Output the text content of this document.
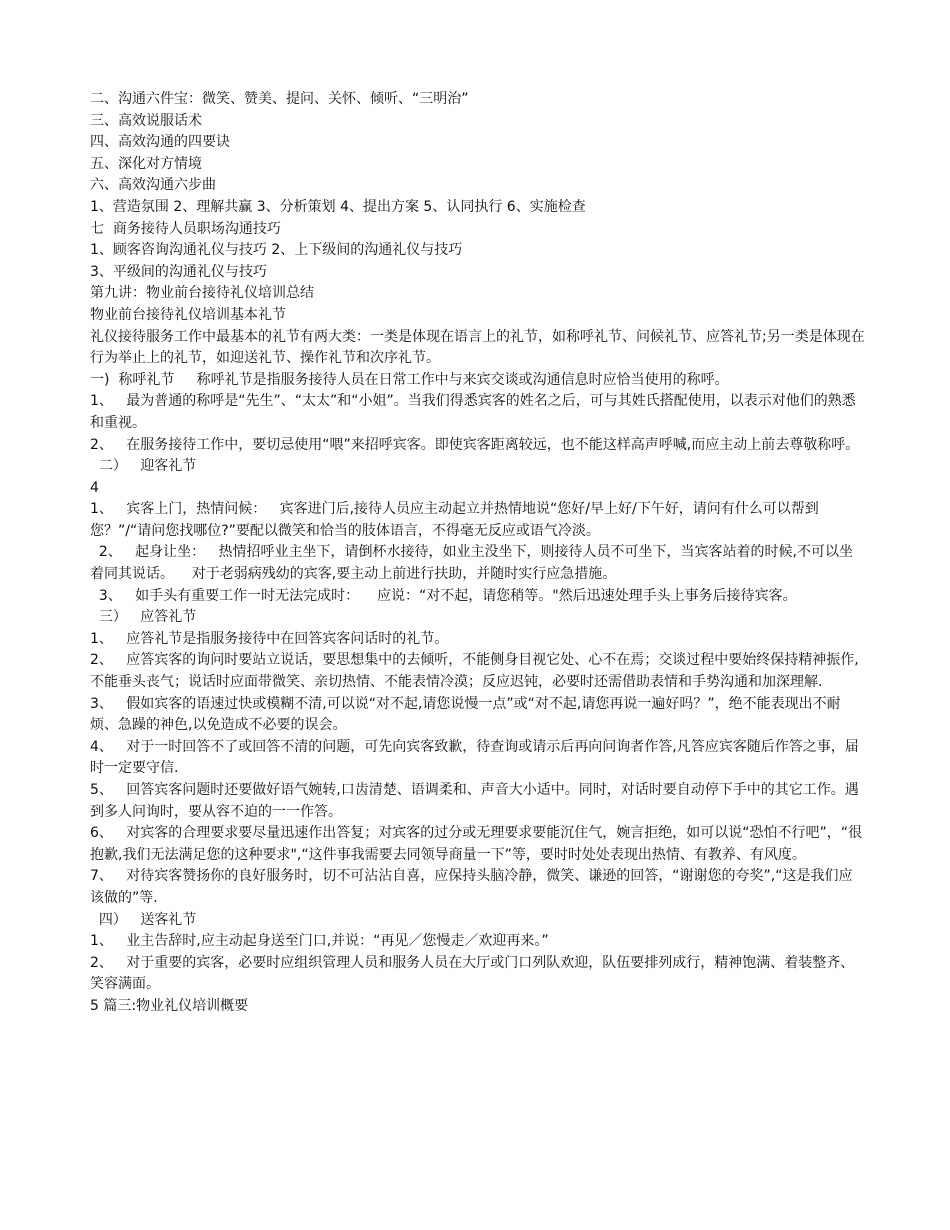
二、沟通六件宝：微笑、赞美、提问、关怀、倾听、“三明治”

三、高效说服话术

四、高效沟通的四要诀

五、深化对方情境

六、高效沟通六步曲

1、营造氛围 2、理解共赢 3、分析策划 4、提出方案 5、认同执行 6、实施检查

七  商务接待人员职场沟通技巧

1、顾客咨询沟通礼仪与技巧 2、上下级间的沟通礼仪与技巧

3、平级间的沟通礼仪与技巧

第九讲：物业前台接待礼仪培训总结

物业前台接待礼仪培训基本礼节

礼仪接待服务工作中最基本的礼节有两大类：一类是体现在语言上的礼节，如称呼礼节、问候礼节、应答礼节;另一类是体现在行为举止上的礼节，如迎送礼节、操作礼节和次序礼节。

一)  称呼礼节     称呼礼节是指服务接待人员在日常工作中与来宾交谈或沟通信息时应恰当使用的称呼。

1、   最为普通的称呼是“先生”、“太太”和“小姐”。当我们得悉宾客的姓名之后，可与其姓氏搭配使用，以表示对他们的熟悉和重视。

2、   在服务接待工作中，要切忌使用“喂”来招呼宾客。即使宾客距离较远，也不能这样高声呼喊,而应主动上前去尊敬称呼。

二）   迎客礼节

4

1、   宾客上门，热情问候：   宾客进门后,接待人员应主动起立并热情地说“您好/早上好/下午好，请问有什么可以帮到您？”/“请问您找哪位?”要配以微笑和恰当的肢体语言，不得毫无反应或语气冷淡。

2、   起身让坐：   热情招呼业主坐下，请倒杯水接待，如业主没坐下，则接待人员不可坐下，当宾客站着的时候,不可以坐着同其说话。    对于老弱病残幼的宾客,要主动上前进行扶助，并随时实行应急措施。

3、   如手头有重要工作一时无法完成时：    应说：“对不起，请您稍等。"然后迅速处理手头上事务后接待宾客。

三）   应答礼节

1、   应答礼节是指服务接待中在回答宾客问话时的礼节。

2、   应答宾客的询问时要站立说话，要思想集中的去倾听，不能侧身目视它处、心不在焉；交谈过程中要始终保持精神振作,不能垂头丧气；说话时应面带微笑、亲切热情、不能表情冷漠；反应迟钝，必要时还需借助表情和手势沟通和加深理解.

3、   假如宾客的语速过快或模糊不清,可以说“对不起,请您说慢一点”或“对不起,请您再说一遍好吗？”，绝不能表现出不耐烦、急躁的神色,以免造成不必要的误会。

4、   对于一时回答不了或回答不清的问题，可先向宾客致歉，待查询或请示后再向问询者作答,凡答应宾客随后作答之事，届时一定要守信.

5、   回答宾客问题时还要做好语气婉转,口齿清楚、语调柔和、声音大小适中。同时，对话时要自动停下手中的其它工作。遇到多人问询时，要从容不迫的一一作答。

6、   对宾客的合理要求要尽量迅速作出答复；对宾客的过分或无理要求要能沉住气，婉言拒绝，如可以说“恐怕不行吧”，“很抱歉,我们无法满足您的这种要求",“这件事我需要去同领导商量一下”等，要时时处处表现出热情、有教养、有风度。

7、   对待宾客赞扬你的良好服务时，切不可沾沾自喜，应保持头脑冷静，微笑、谦逊的回答，“谢谢您的夸奖”,“这是我们应该做的”等.

四）   送客礼节

1、   业主告辞时,应主动起身送至门口,并说：“再见／您慢走／欢迎再来。”

2、   对于重要的宾客，必要时应组织管理人员和服务人员在大厅或门口列队欢迎，队伍要排列成行，精神饱满、着装整齐、笑容满面。

5 篇三:物业礼仪培训概要
